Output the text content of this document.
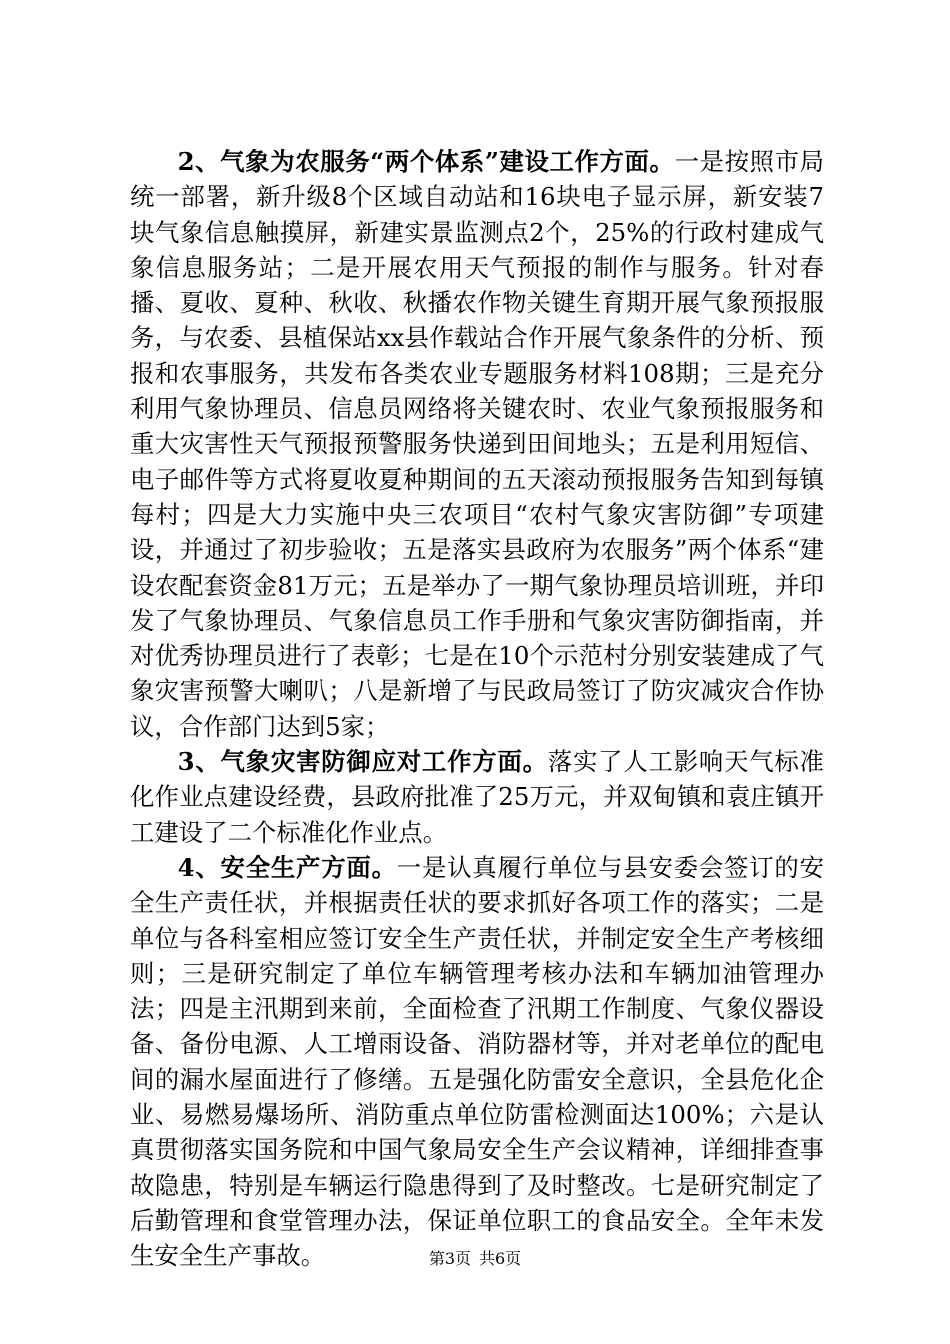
2、气象为农服务“两个体系”建设工作方面。一是按照市局统一部署，新升级8个区域自动站和16块电子显示屏，新安装7块气象信息触摸屏，新建实景监测点2个，25%的行政村建成气象信息服务站；二是开展农用天气预报的制作与服务。针对春播、夏收、夏种、秋收、秋播农作物关键生育期开展气象预报服务，与农委、县植保站xx县作载站合作开展气象条件的分析、预报和农事服务，共发布各类农业专题服务材料108期；三是充分利用气象协理员、信息员网络将关键农时、农业气象预报服务和重大灾害性天气预报预警服务快递到田间地头；五是利用短信、电子邮件等方式将夏收夏种期间的五天滚动预报服务告知到每镇每村；四是大力实施中央三农项目“农村气象灾害防御”专项建设，并通过了初步验收；五是落实县政府为农服务”两个体系“建设农配套资金81万元；五是举办了一期气象协理员培训班，并印发了气象协理员、气象信息员工作手册和气象灾害防御指南，并对优秀协理员进行了表彰；七是在10个示范村分别安装建成了气象灾害预警大喇叭；八是新增了与民政局签订了防灾减灾合作协议，合作部门达到5家；

3、气象灾害防御应对工作方面。落实了人工影响天气标准化作业点建设经费，县政府批准了25万元，并双甸镇和袁庄镇开工建设了二个标准化作业点。

4、安全生产方面。一是认真履行单位与县安委会签订的安全生产责任状，并根据责任状的要求抓好各项工作的落实；二是单位与各科室相应签订安全生产责任状，并制定安全生产考核细则；三是研究制定了单位车辆管理考核办法和车辆加油管理办法；四是主汛期到来前，全面检查了汛期工作制度、气象仪器设备、备份电源、人工增雨设备、消防器材等，并对老单位的配电间的漏水屋面进行了修缮。五是强化防雷安全意识，全县危化企业、易燃易爆场所、消防重点单位防雷检测面达100%；六是认真贯彻落实国务院和中国气象局安全生产会议精神，详细排查事故隐患，特别是车辆运行隐患得到了及时整改。七是研究制定了后勤管理和食堂管理办法，保证单位职工的食品安全。全年未发生安全生产事故。	第3页 共6页
